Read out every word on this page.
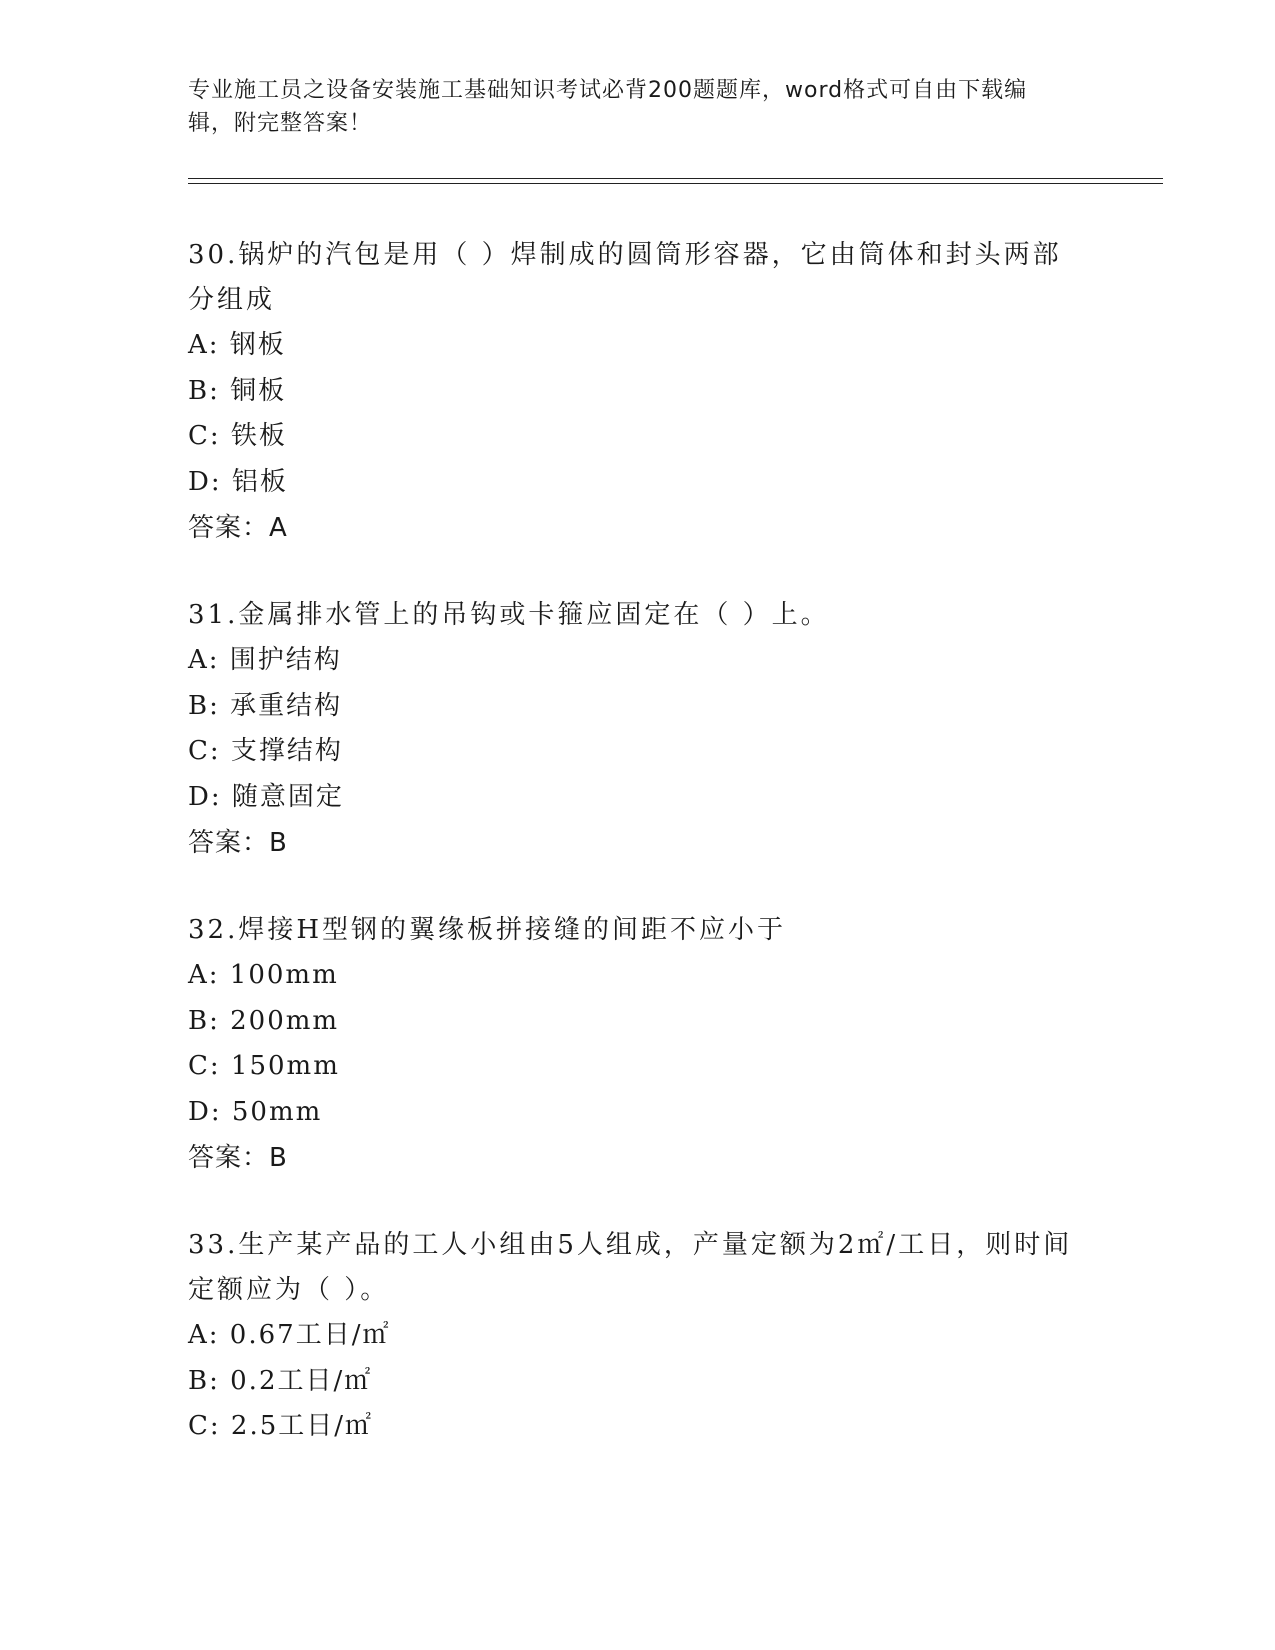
专业施工员之设备安装施工基础知识考试必背200题题库，word格式可自由下载编辑，附完整答案！
30.锅炉的汽包是用（ ）焊制成的圆筒形容器，它由筒体和封头两部分组成
A: 钢板
B: 铜板
C: 铁板
D: 铝板
答案：A
31.金属排水管上的吊钩或卡箍应固定在（ ）上。
A: 围护结构
B: 承重结构
C: 支撑结构
D: 随意固定
答案：B
32.焊接H型钢的翼缘板拼接缝的间距不应小于
A: 100mm
B: 200mm
C: 150mm
D: 50mm
答案：B
33.生产某产品的工人小组由5人组成，产量定额为2㎡/工日，则时间定额应为（ ）。
A: 0.67工日/㎡
B: 0.2工日/㎡
C: 2.5工日/㎡
